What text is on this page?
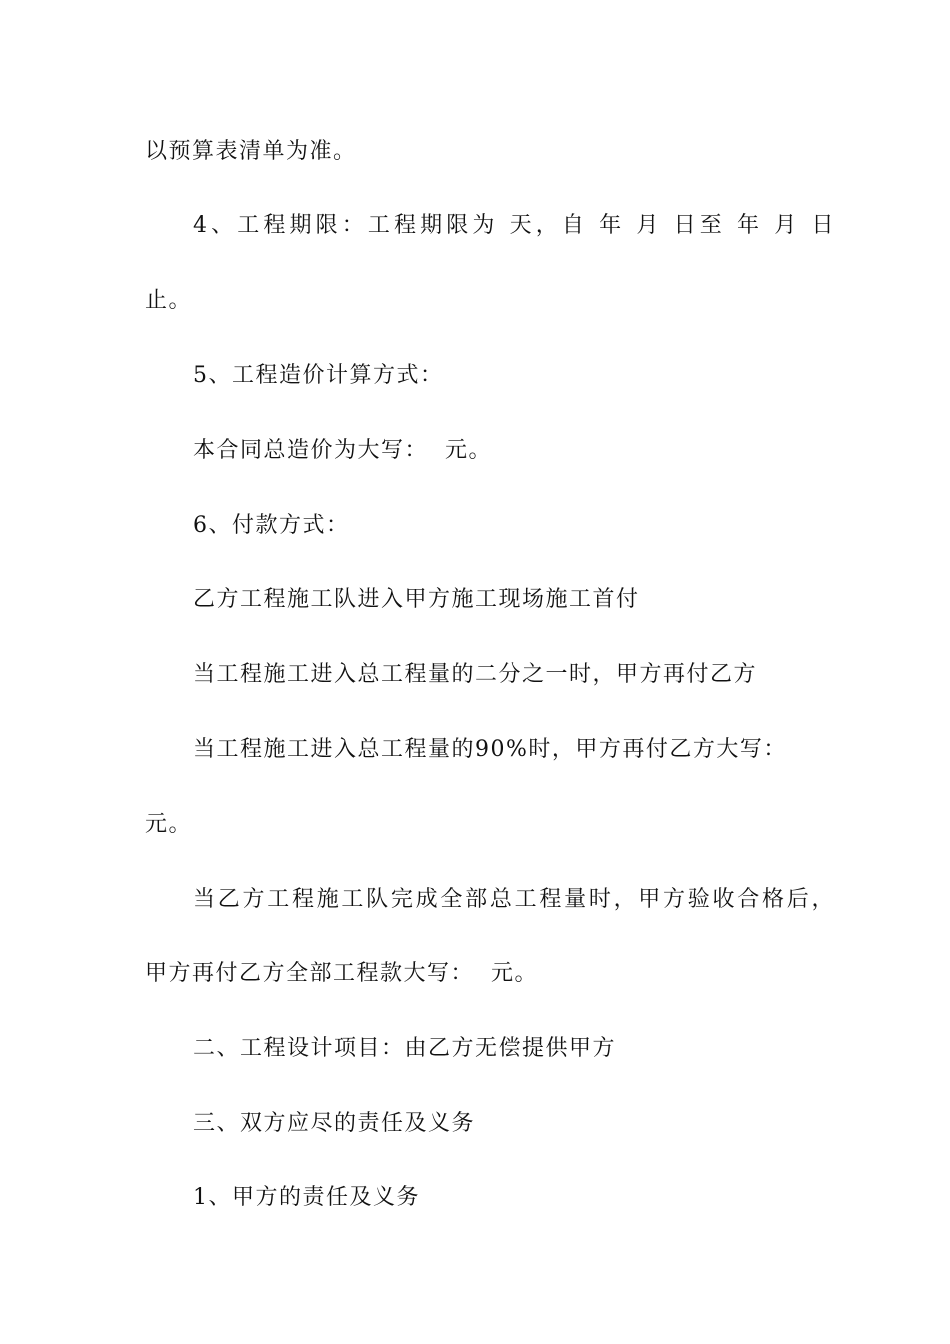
以预算表清单为准。
4、工程期限：工程期限为 天，自 年 月 日至 年 月 日
止。
5、工程造价计算方式：
本合同总造价为大写：  元。
6、付款方式：
乙方工程施工队进入甲方施工现场施工首付
当工程施工进入总工程量的二分之一时，甲方再付乙方
当工程施工进入总工程量的90%时，甲方再付乙方大写：
元。
当乙方工程施工队完成全部总工程量时，甲方验收合格后，
甲方再付乙方全部工程款大写：  元。
二、工程设计项目：由乙方无偿提供甲方
三、双方应尽的责任及义务
1、甲方的责任及义务
